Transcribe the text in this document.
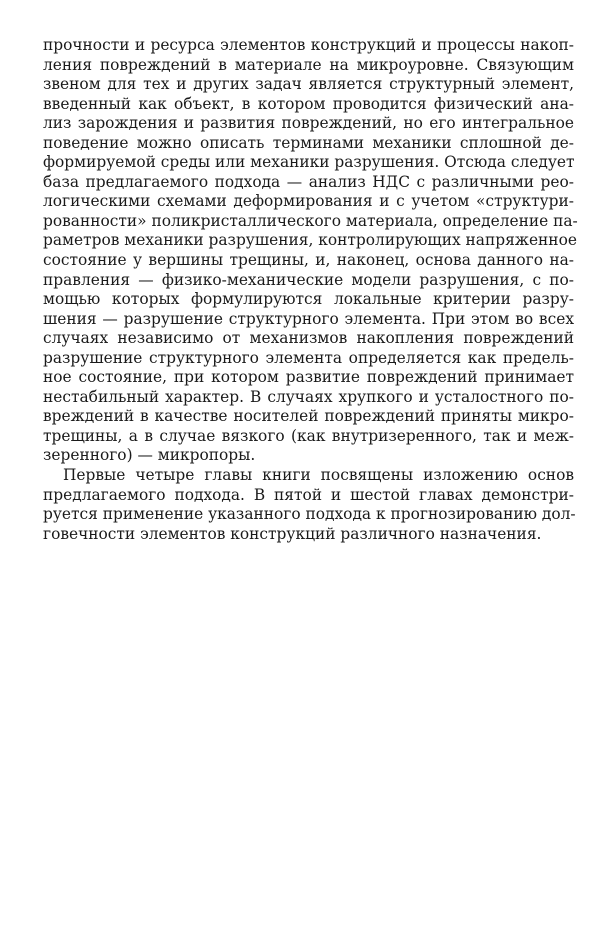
прочности и ресурса элементов конструкций и процессы накоп-
ления повреждений в материале на микроуровне. Связующим
звеном для тех и других задач является структурный элемент,
введенный как объект, в котором проводится физический ана-
лиз зарождения и развития повреждений, но его интегральное
поведение можно описать терминами механики сплошной де-
формируемой среды или механики разрушения. Отсюда следует
база предлагаемого подхода — анализ НДС с различными рео-
логическими схемами деформирования и с учетом «структури-
рованности» поликристаллического материала, определение па-
раметров механики разрушения, контролирующих напряженное
состояние у вершины трещины, и, наконец, основа данного на-
правления — физико-механические модели разрушения, с по-
мощью которых формулируются локальные критерии разру-
шения — разрушение структурного элемента. При этом во всех
случаях независимо от механизмов накопления повреждений
разрушение структурного элемента определяется как предель-
ное состояние, при котором развитие повреждений принимает
нестабильный характер. В случаях хрупкого и усталостного по-
вреждений в качестве носителей повреждений приняты микро-
трещины, а в случае вязкого (как внутризеренного, так и меж-
зеренного) — микропоры.
Первые четыре главы книги посвящены изложению основ
предлагаемого подхода. В пятой и шестой главах демонстри-
руется применение указанного подхода к прогнозированию дол-
говечности элементов конструкций различного назначения.
